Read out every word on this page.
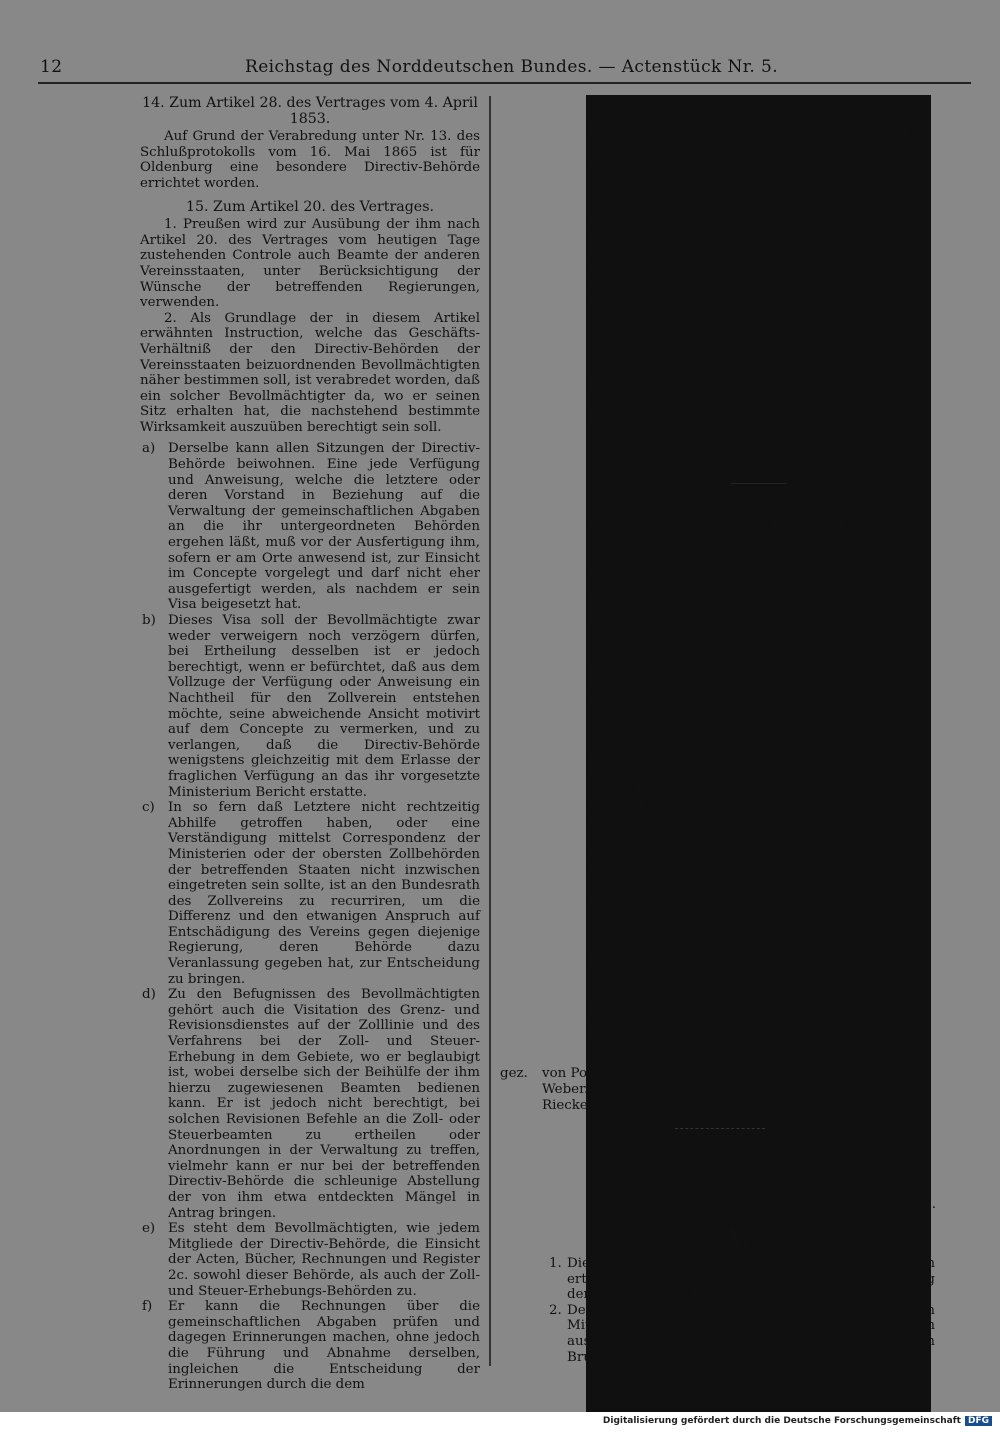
12	Reichstag des Norddeutschen Bundes. — Actenstück Nr. 5.

14. Zum Artikel 28. des Vertrages vom 4. April 1853.

Auf Grund der Verabredung unter Nr. 13. des Schlußprotokolls vom 16. Mai 1865 ist für Oldenburg eine besondere Directiv-Behörde errichtet worden.

15. Zum Artikel 20. des Vertrages.

1. Preußen wird zur Ausübung der ihm nach Artikel 20. des Vertrages vom heutigen Tage zustehenden Controle auch Beamte der anderen Vereinsstaaten, unter Berücksichtigung der Wünsche der betreffenden Regierungen, verwenden.

2. Als Grundlage der in diesem Artikel erwähnten Instruction, welche das Geschäfts-Verhältniß der den Directiv-Behörden der Vereinsstaaten beizuordnenden Bevollmächtigten näher bestimmen soll, ist verabredet worden, daß ein solcher Bevollmächtigter da, wo er seinen Sitz erhalten hat, die nachstehend bestimmte Wirksamkeit auszuüben berechtigt sein soll.

a) Derselbe kann allen Sitzungen der Directiv-Behörde beiwohnen. Eine jede Verfügung und Anweisung, welche die letztere oder deren Vorstand in Beziehung auf die Verwaltung der gemeinschaftlichen Abgaben an die ihr untergeordneten Behörden ergehen läßt, muß vor der Ausfertigung ihm, sofern er am Orte anwesend ist, zur Einsicht im Concepte vorgelegt und darf nicht eher ausgefertigt werden, als nachdem er sein Visa beigesetzt hat.

b) Dieses Visa soll der Bevollmächtigte zwar weder verweigern noch verzögern dürfen, bei Ertheilung desselben ist er jedoch berechtigt, wenn er befürchtet, daß aus dem Vollzuge der Verfügung oder Anweisung ein Nachtheil für den Zollverein entstehen möchte, seine abweichende Ansicht motivirt auf dem Concepte zu vermerken, und zu verlangen, daß die Directiv-Behörde wenigstens gleichzeitig mit dem Erlasse der fraglichen Verfügung an das ihr vorgesetzte Ministerium Bericht erstatte.

c) In so fern daß Letztere nicht rechtzeitig Abhilfe getroffen haben, oder eine Verständigung mittelst Correspondenz der Ministerien oder der obersten Zollbehörden der betreffenden Staaten nicht inzwischen eingetreten sein sollte, ist an den Bundesrath des Zollvereins zu recurriren, um die Differenz und den etwanigen Anspruch auf Entschädigung des Vereins gegen diejenige Regierung, deren Behörde dazu Veranlassung gegeben hat, zur Entscheidung zu bringen.

d) Zu den Befugnissen des Bevollmächtigten gehört auch die Visitation des Grenz- und Revisionsdienstes auf der Zolllinie und des Verfahrens bei der Zoll- und Steuer-Erhebung in dem Gebiete, wo er beglaubigt ist, wobei derselbe sich der Beihülfe der ihm hierzu zugewiesenen Beamten bedienen kann. Er ist jedoch nicht berechtigt, bei solchen Revisionen Befehle an die Zoll- oder Steuerbeamten zu ertheilen oder Anordnungen in der Verwaltung zu treffen, vielmehr kann er nur bei der betreffenden Directiv-Behörde die schleunige Abstellung der von ihm etwa entdeckten Mängel in Antrag bringen.

e) Es steht dem Bevollmächtigten, wie jedem Mitgliede der Directiv-Behörde, die Einsicht der Acten, Bücher, Rechnungen und Register 2c. sowohl dieser Behörde, als auch der Zoll- und Steuer-Erhebungs-Behörden zu.

f) Er kann die Rechnungen über die gemeinschaftlichen Abgaben prüfen und dagegen Erinnerungen machen, ohne jedoch die Führung und Abnahme derselben, ingleichen die Entscheidung der Erinnerungen durch die dem

Rechnungsführer vorgesetzte Dienst-Behörde aufzuhalten. Findet er die Entscheidung dem Vereins-Interesse nicht entsprechend, so hat er den betreffenden Gegenstand bei dem Bundesrathe zur Anzeige zu bringen.

16. Zum Artikel 22. des Vertrages.

In Betreff des Betrages des Chausseegeldes im Königreiche Sachsen und in denjenigen zu dem Thüringischen Vereine gehörigen Ländern, wo die Meilen eben so lang, als die Sächsischen Meilen sind, verbleibt es bei den darüber in den Schluß-Protokollen zu den Verträgen vom 30. März und 11. Mai 1833 getroffenen Verabredungen.

17. Zum Artikel 26. des Vertrages.

Man ist darüber einverstanden, daß die im dritten Absatze des Artikels 26 bezeichneten Gewerbetreibenden und Reisenden Waaren zum Verkauf auch ferner nicht mit sich führen, aufgekaufte Waaren aber selbst nach dem Bestimmungsorte mitnehmen dürfen.

Das hiernach anzuwendende Formular für die Gewerbe-Legitimations-Karten ist unter D. beigefügt.

Die sämmtlichen Bevollmächtigten ertheilen sich gegenseitig die Zusicherung, daß, wie dies auch bei den früheren Zollvereinigungs-Verträgen geschehen ist, ihre Regierungen mit der Ratification des Vertrages zugleich auch die im gegenwärtigen Protokoll enthaltenen Verabredungen, ohne weitere förmliche Ratification derselben, als genehmigt ansehen und aufrecht erhalten werden.

Der Vertrag ward hierauf in Einem Exemplare, welches für den Gesammt-Verein im Königlich Preußischen Geheimen Staats-Archiv aufbewahrt werden soll, von den Bevollmächtigten unterzeichnet und untersiegelt, und sollen die bereits vorbereiteten Abdrücke Preußischer Seits nach erfolgter Beglaubigung sofort den Bevollmächtigten der übrigen Vereins-Regierungen zugestellt werden.

Nachdem endlich noch constatirt war, daß die Ratification des Vertrages für den Norddeutschen Bund nur durch dessen Präsidium zu erfolgen habe, und daß, wie bereits in früheren ähnlichen Fällen geschehen, eine solche Form der Ratification gewählt werden könne, wodurch der Gegenstand der letzteren, ohne vollständige Einrückung der Vertrags-Artikel, hinlänglich genau bezeichnet wird, wurde auch gegenwärtiges Protokoll in einem Exemplare, nach geschehener Verlesung unterzeichnet und von den Königlich Preußischen Bevollmächtigten, unter dem Vorbehalte der alsbaldigen Mittheilung beglaubigter Abdrücke an die übrigen Bevollmächtigten, nebst dem Vertrage, behufs der weiteren Beförderung an das Königliche Geheime Staats-Archiv in Empfang genommen.

G. w. o.

gez. von Pommer-Esche. von Philipsborn. Delbrück.
Weber. Gerbig. von Thümmel. von Spitzemberg.
Riecke. Mathy. Ewald. Thon. von Liebe.
Anlage zu Nr. 2. des Schluß-Protokolls.
A.
1. Die Begünstigung wird nur solchen Fabrikanten ertheilt, welche in Beziehung auf die Beobachtung der Zollgesetze unbescholten sind.

2. Den Fabrikanten wird eine, unter amtlichem Mitverschlusse stehende Privat-Niederlage von ausländischem Roheisen aller Art und altem Brucheisen bewilligt, für

Digitalisierung gefördert durch die Deutsche Forschungsgemeinschaft DFG
